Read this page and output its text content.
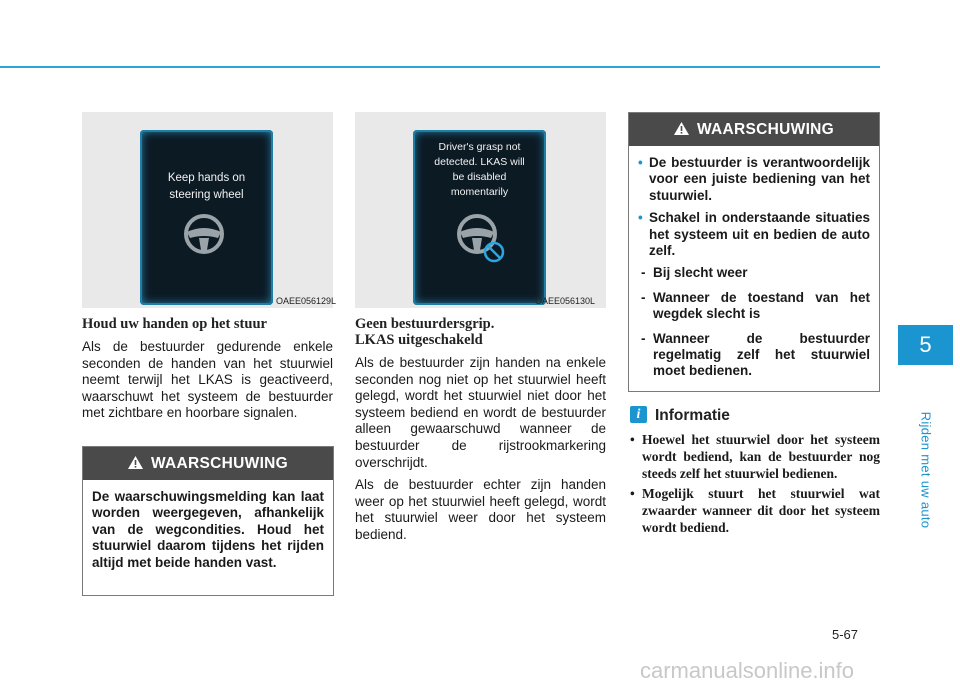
5
Rijden met uw auto
Keep hands on steering wheel
OAEE056129L
Driver's grasp not detected. LKAS will be disabled momentarily
OAEE056130L
Houd uw handen op het stuur

Als de bestuurder gedurende enkele seconden de handen van het stuurwiel neemt terwijl het LKAS is geactiveerd, waarschuwt het systeem de bestuurder met zichtbare en hoorbare signalen.

WAARSCHUWING
De waarschuwingsmelding kan laat worden weergegeven, afhankelijk van de wegcondities. Houd het stuurwiel daarom tijdens het rijden altijd met beide handen vast.
Geen bestuurdersgrip.
LKAS uitgeschakeld

Als de bestuurder zijn handen na enkele seconden nog niet op het stuurwiel heeft gelegd, wordt het stuurwiel niet door het systeem bediend en wordt de bestuurder alleen gewaarschuwd wanneer de bestuurder de rijstrookmarkering overschrijdt.

Als de bestuurder echter zijn handen weer op het stuurwiel heeft gelegd, wordt het stuurwiel weer door het systeem bediend.

WAARSCHUWING
• De bestuurder is verantwoordelijk voor een juiste bediening van het stuurwiel.
• Schakel in onderstaande situaties het systeem uit en bedien de auto zelf.
- Bij slecht weer
- Wanneer de toestand van het wegdek slecht is
- Wanneer de bestuurder regelmatig zelf het stuurwiel moet bedienen.
i Informatie
• Hoewel het stuurwiel door het systeem wordt bediend, kan de bestuurder nog steeds zelf het stuurwiel bedienen.
• Mogelijk stuurt het stuurwiel wat zwaarder wanneer dit door het systeem wordt bediend.
5-67
carmanualsonline.info
